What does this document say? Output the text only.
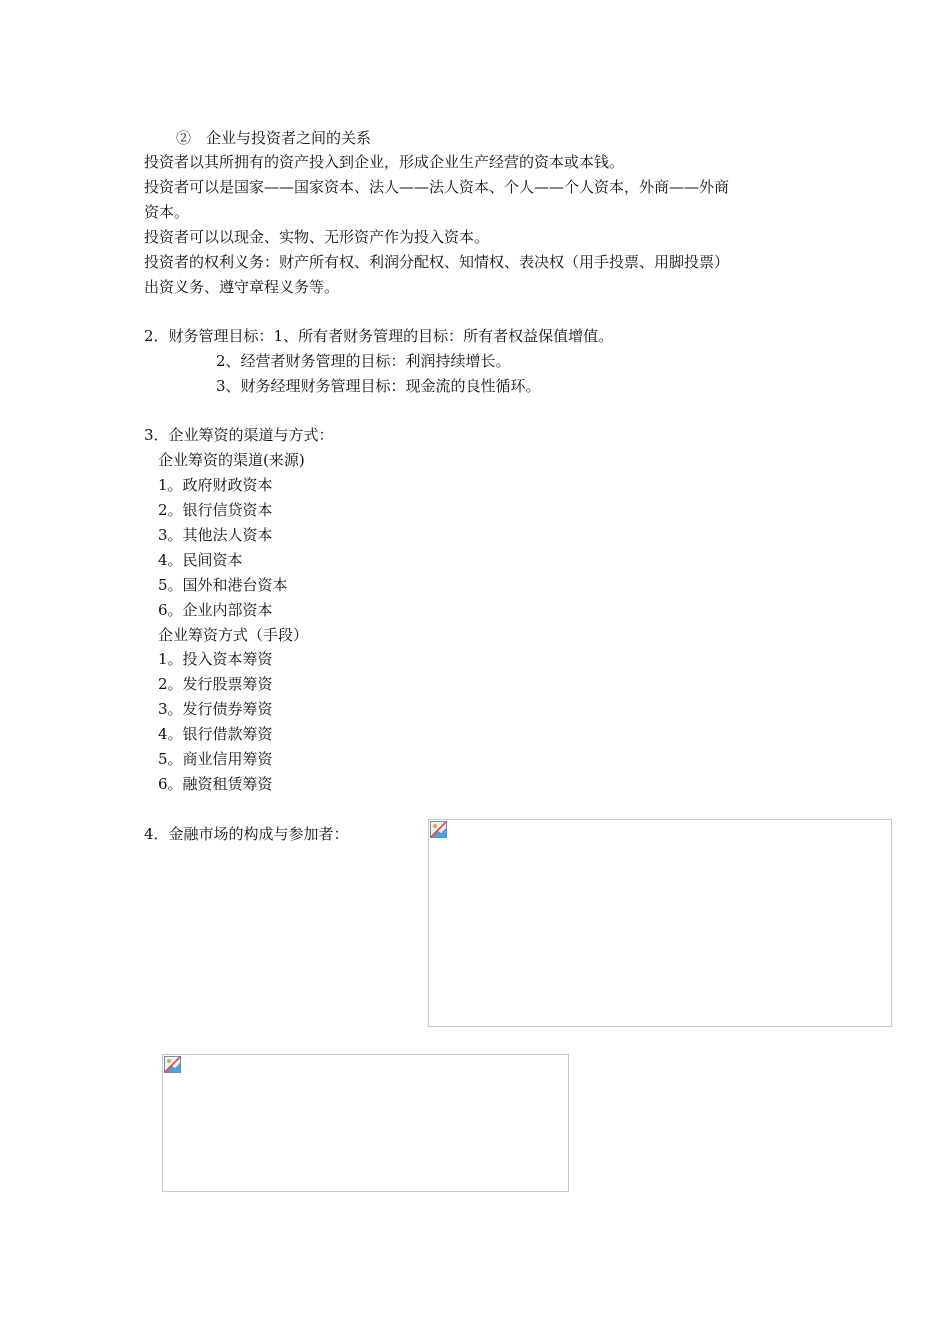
②　企业与投资者之间的关系
投资者以其所拥有的资产投入到企业，形成企业生产经营的资本或本钱。
投资者可以是国家——国家资本、法人——法人资本、个人——个人资本，外商——外商
资本。
投资者可以以现金、实物、无形资产作为投入资本。
投资者的权利义务：财产所有权、利润分配权、知情权、表决权（用手投票、用脚投票）
出资义务、遵守章程义务等。
2．财务管理目标：1、所有者财务管理的目标：所有者权益保值增值。
2、经营者财务管理的目标：利润持续增长。
3、财务经理财务管理目标：现金流的良性循环。
3．企业筹资的渠道与方式：
企业筹资的渠道(来源)
1。政府财政资本
2。银行信贷资本
3。其他法人资本
4。民间资本
5。国外和港台资本
6。企业内部资本
企业筹资方式（手段）
1。投入资本筹资
2。发行股票筹资
3。发行债券筹资
4。银行借款筹资
5。商业信用筹资
6。融资租赁筹资
4．金融市场的构成与参加者：
